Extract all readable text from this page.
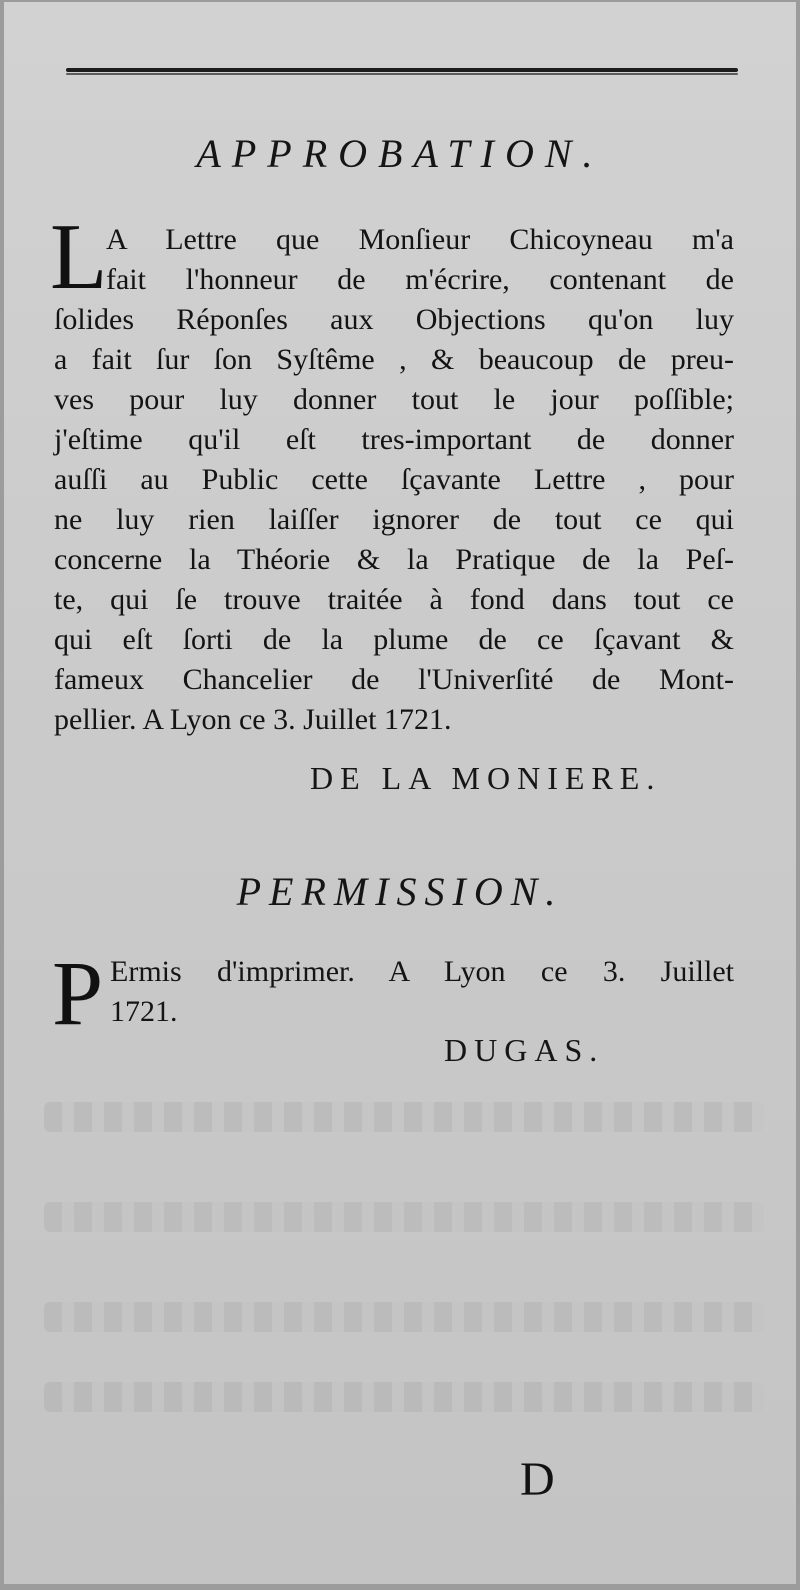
APPROBATION.
L
A Lettre que Monſieur Chicoyneau m'a
fait l'honneur de m'écrire, contenant de
ſolides Réponſes aux Objections qu'on luy
a fait ſur ſon Syſtême , & beaucoup de preu-
ves pour luy donner tout le jour poſſible;
j'eſtime qu'il eſt tres-important de donner
auſſi au Public cette ſçavante Lettre , pour
ne luy rien laiſſer ignorer de tout ce qui
concerne la Théorie & la Pratique de la Peſ-
te, qui ſe trouve traitée à fond dans tout ce
qui eſt ſorti de la plume de ce ſçavant &
fameux Chancelier de l'Univerſité de Mont-
pellier. A Lyon ce 3. Juillet 1721.
DE LA MONIERE.
PERMISSION.
P Ermis d'imprimer. A Lyon ce 3. Juillet
1721.
DUGAS.
D
